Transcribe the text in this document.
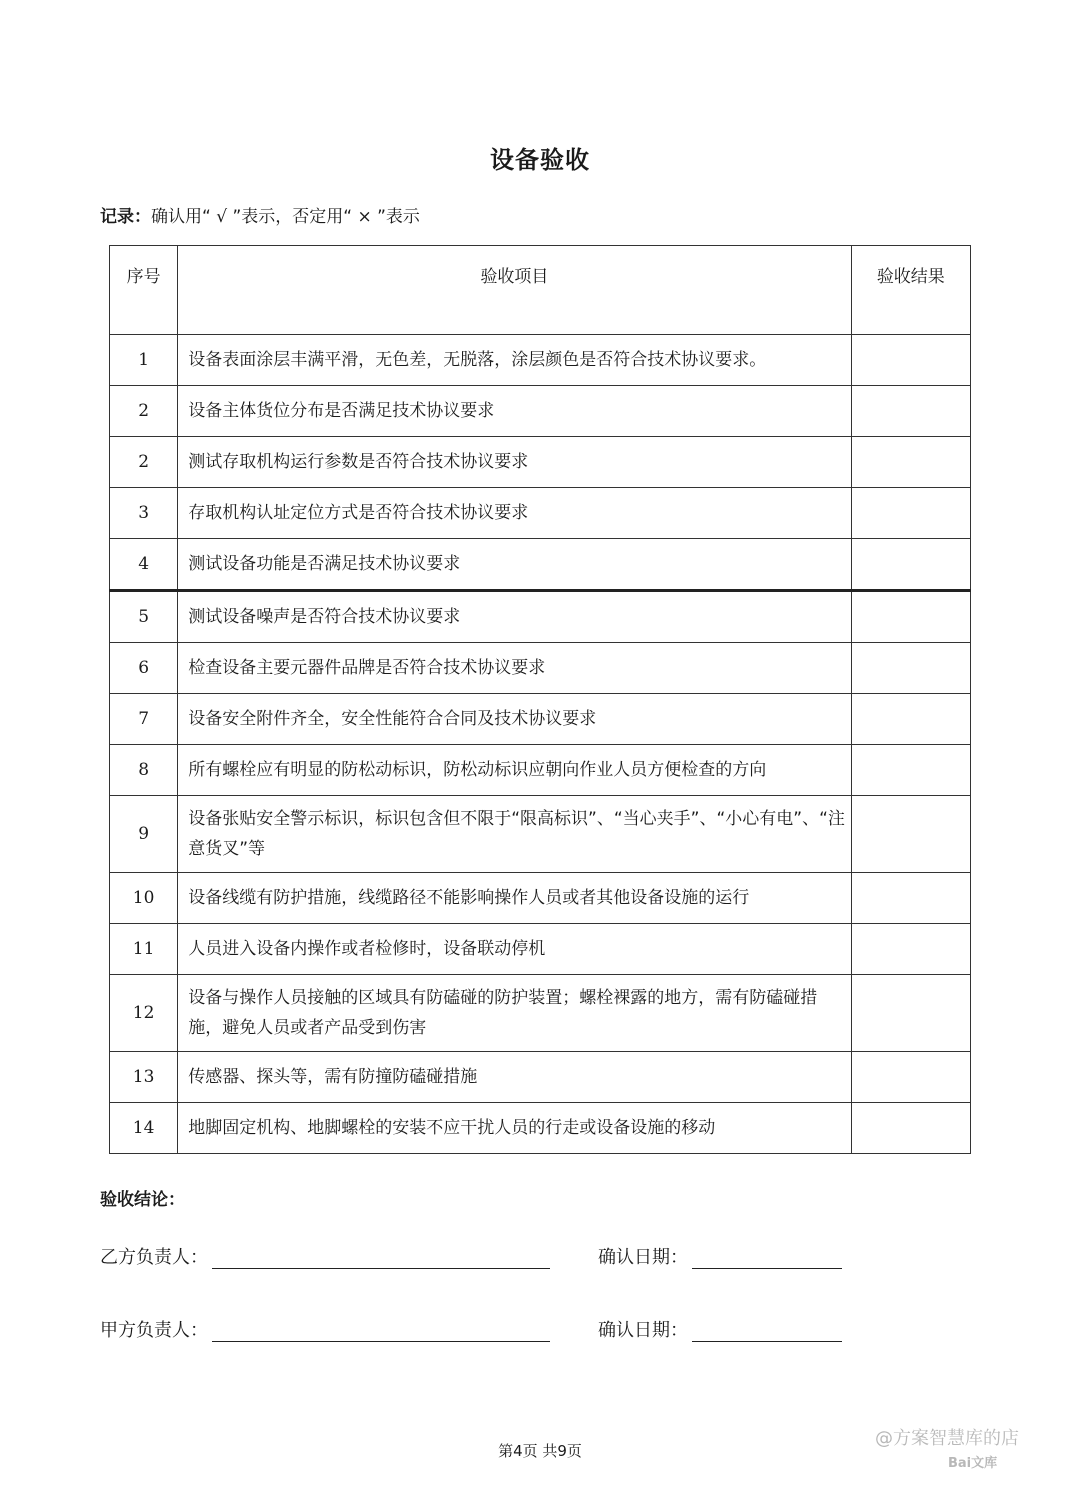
设备验收
记录：确认用“ √ ”表示，否定用“ × ”表示
序号	验收项目	验收结果
1	设备表面涂层丰满平滑，无色差，无脱落，涂层颜色是否符合技术协议要求。	
2	设备主体货位分布是否满足技术协议要求	
2	测试存取机构运行参数是否符合技术协议要求	
3	存取机构认址定位方式是否符合技术协议要求	
4	测试设备功能是否满足技术协议要求	
5	测试设备噪声是否符合技术协议要求	
6	检查设备主要元器件品牌是否符合技术协议要求	
7	设备安全附件齐全，安全性能符合合同及技术协议要求	
8	所有螺栓应有明显的防松动标识，防松动标识应朝向作业人员方便检查的方向	
9	设备张贴安全警示标识，标识包含但不限于“限高标识”、“当心夹手”、“小心有电”、“注意货叉”等	
10	设备线缆有防护措施，线缆路径不能影响操作人员或者其他设备设施的运行	
11	人员进入设备内操作或者检修时，设备联动停机	
12	设备与操作人员接触的区域具有防磕碰的防护装置；螺栓裸露的地方，需有防磕碰措施，避免人员或者产品受到伤害	
13	传感器、探头等，需有防撞防磕碰措施	
14	地脚固定机构、地脚螺栓的安装不应干扰人员的行走或设备设施的移动	
验收结论：
乙方负责人：	确认日期：
甲方负责人：	确认日期：
第4页 共9页
@方案智慧库的店
Bai文库
